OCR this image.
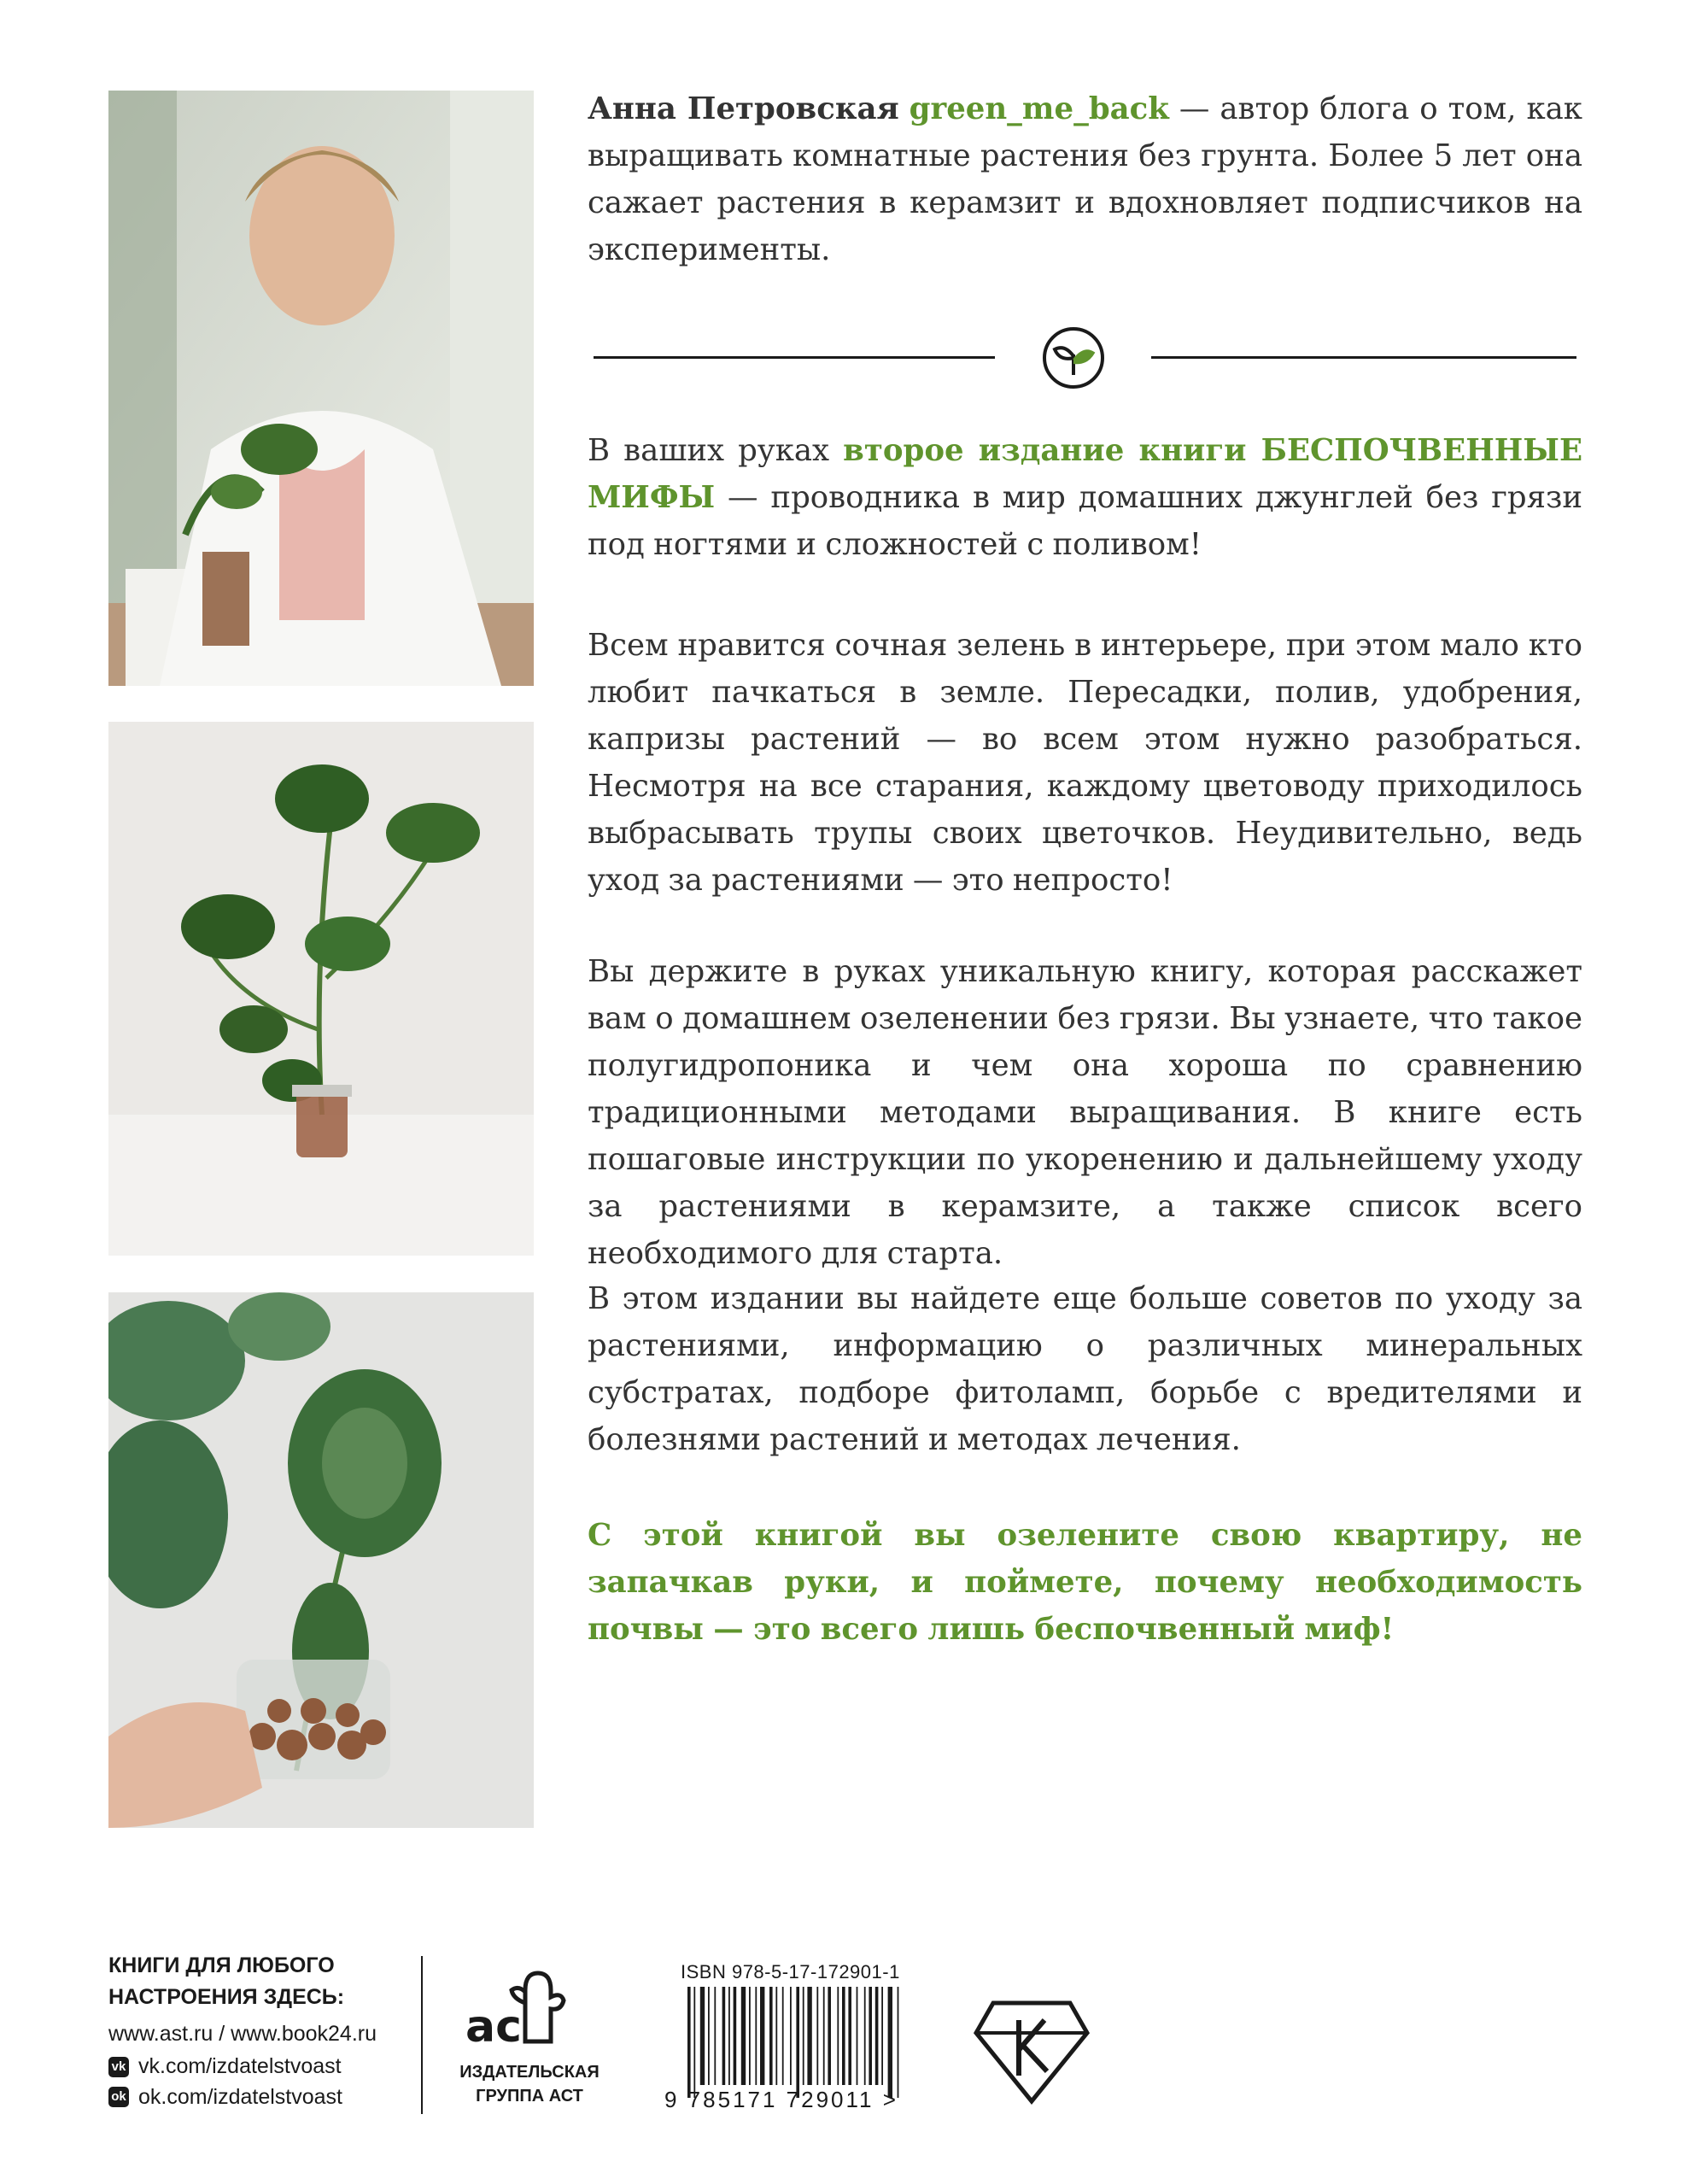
Анна Петровская green_me_back — автор блога о том, как выращивать комнатные растения без грунта. Более 5 лет она сажает растения в керамзит и вдохновляет подписчиков на эксперименты.

В ваших руках второе издание книги БЕСПОЧВЕННЫЕ МИФЫ — проводника в мир домашних джунглей без грязи под ногтями и сложностей с поливом!

Всем нравится сочная зелень в интерьере, при этом мало кто любит пачкаться в земле. Пересадки, полив, удобрения, капризы растений — во всем этом нужно разобраться. Несмотря на все старания, каждому цветоводу приходилось выбрасывать трупы своих цветочков. Неудивительно, ведь уход за растениями — это непросто!

Вы держите в руках уникальную книгу, которая расскажет вам о домашнем озеленении без грязи. Вы узнаете, что такое полугидропоника и чем она хороша по сравнению традиционными методами выращивания. В книге есть пошаговые инструкции по укоренению и дальнейшему уходу за растениями в керамзите, а также список всего необходимого для старта.

В этом издании вы найдете еще больше советов по уходу за растениями, информацию о различных минеральных субстратах, подборе фитоламп, борьбе с вредителями и болезнями растений и методах лечения.

С этой книгой вы озелените свою квартиру, не запачкав руки, и поймете, почему необходимость почвы — это всего лишь беспочвенный миф!

КНИГИ ДЛЯ ЛЮБОГО НАСТРОЕНИЯ ЗДЕСЬ:
www.ast.ru / www.book24.ru
vk vk.com/izdatelstvoast
ok ok.com/izdatelstvoast
ac
ИЗДАТЕЛЬСКАЯ ГРУППА АСТ
ISBN 978-5-17-172901-1
9 785171 729011 >
